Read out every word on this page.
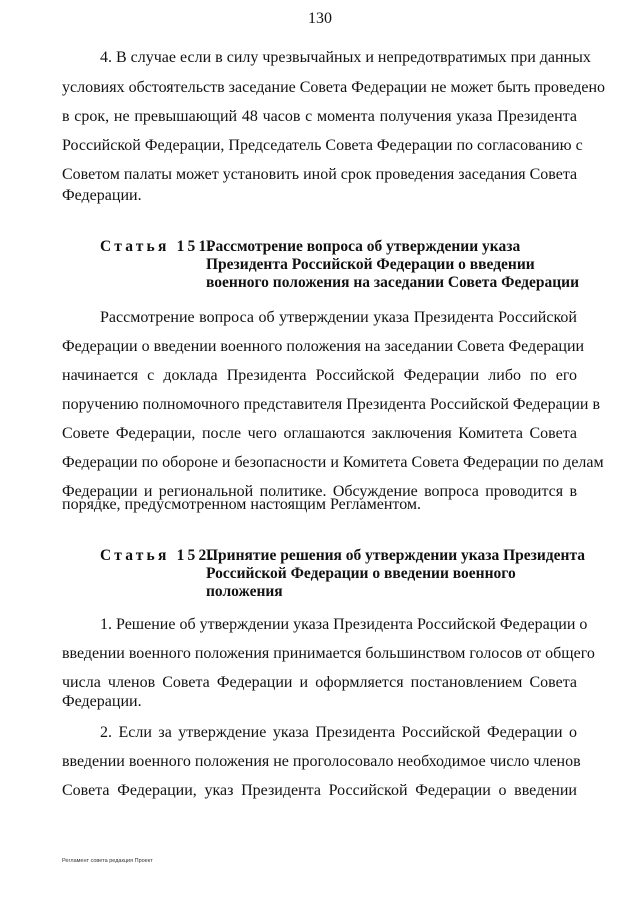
130
4. В случае если в силу чрезвычайных и непредотвратимых при данных
условиях обстоятельств заседание Совета Федерации не может быть проведено
в срок, не превышающий 48 часов с момента получения указа Президента
Российской Федерации, Председатель Совета Федерации по согласованию с
Советом палаты может установить иной срок проведения заседания Совета
Федерации.
Статья 151.
Рассмотрение вопроса об утверждении указа
Президента Российской Федерации о введении
военного положения на заседании Совета Федерации
Рассмотрение вопроса об утверждении указа Президента Российской
Федерации о введении военного положения на заседании Совета Федерации
начинается с доклада Президента Российской Федерации либо по его
поручению полномочного представителя Президента Российской Федерации в
Совете Федерации, после чего оглашаются заключения Комитета Совета
Федерации по обороне и безопасности и Комитета Совета Федерации по делам
Федерации и региональной политике. Обсуждение вопроса проводится в
порядке, предусмотренном настоящим Регламентом.
Статья 152.
Принятие решения об утверждении указа Президента
Российской Федерации о введении военного
положения
1. Решение об утверждении указа Президента Российской Федерации о
введении военного положения принимается большинством голосов от общего
числа членов Совета Федерации и оформляется постановлением Совета
Федерации.
2. Если за утверждение указа Президента Российской Федерации о
введении военного положения не проголосовало необходимое число членов
Совета Федерации, указ Президента Российской Федерации о введении
Регламент совета редакция Проект
